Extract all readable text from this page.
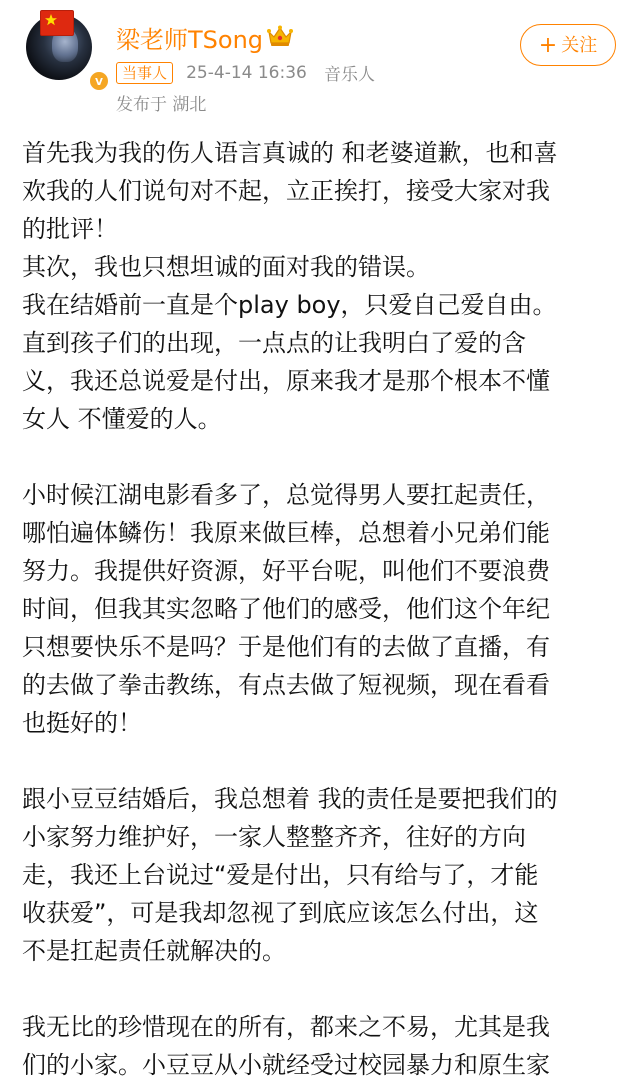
V
梁老师TSong
当事人 25-4-14 16:36 音乐人
发布于 湖北
+ 关注
首先我为我的伤人语言真诚的 和老婆道歉，也和喜
欢我的人们说句对不起，立正挨打，接受大家对我
的批评！
其次，我也只想坦诚的面对我的错误。
我在结婚前一直是个play boy，只爱自己爱自由。
直到孩子们的出现，一点点的让我明白了爱的含
义，我还总说爱是付出，原来我才是那个根本不懂
女人 不懂爱的人。
小时候江湖电影看多了，总觉得男人要扛起责任，
哪怕遍体鳞伤！我原来做巨棒，总想着小兄弟们能
努力。我提供好资源，好平台呢，叫他们不要浪费
时间，但我其实忽略了他们的感受，他们这个年纪
只想要快乐不是吗？于是他们有的去做了直播，有
的去做了拳击教练，有点去做了短视频，现在看看
也挺好的！
跟小豆豆结婚后，我总想着 我的责任是要把我们的
小家努力维护好，一家人整整齐齐，往好的方向
走，我还上台说过“爱是付出，只有给与了，才能
收获爱”，可是我却忽视了到底应该怎么付出，这
不是扛起责任就解决的。
我无比的珍惜现在的所有，都来之不易，尤其是我
们的小家。小豆豆从小就经受过校园暴力和原生家
